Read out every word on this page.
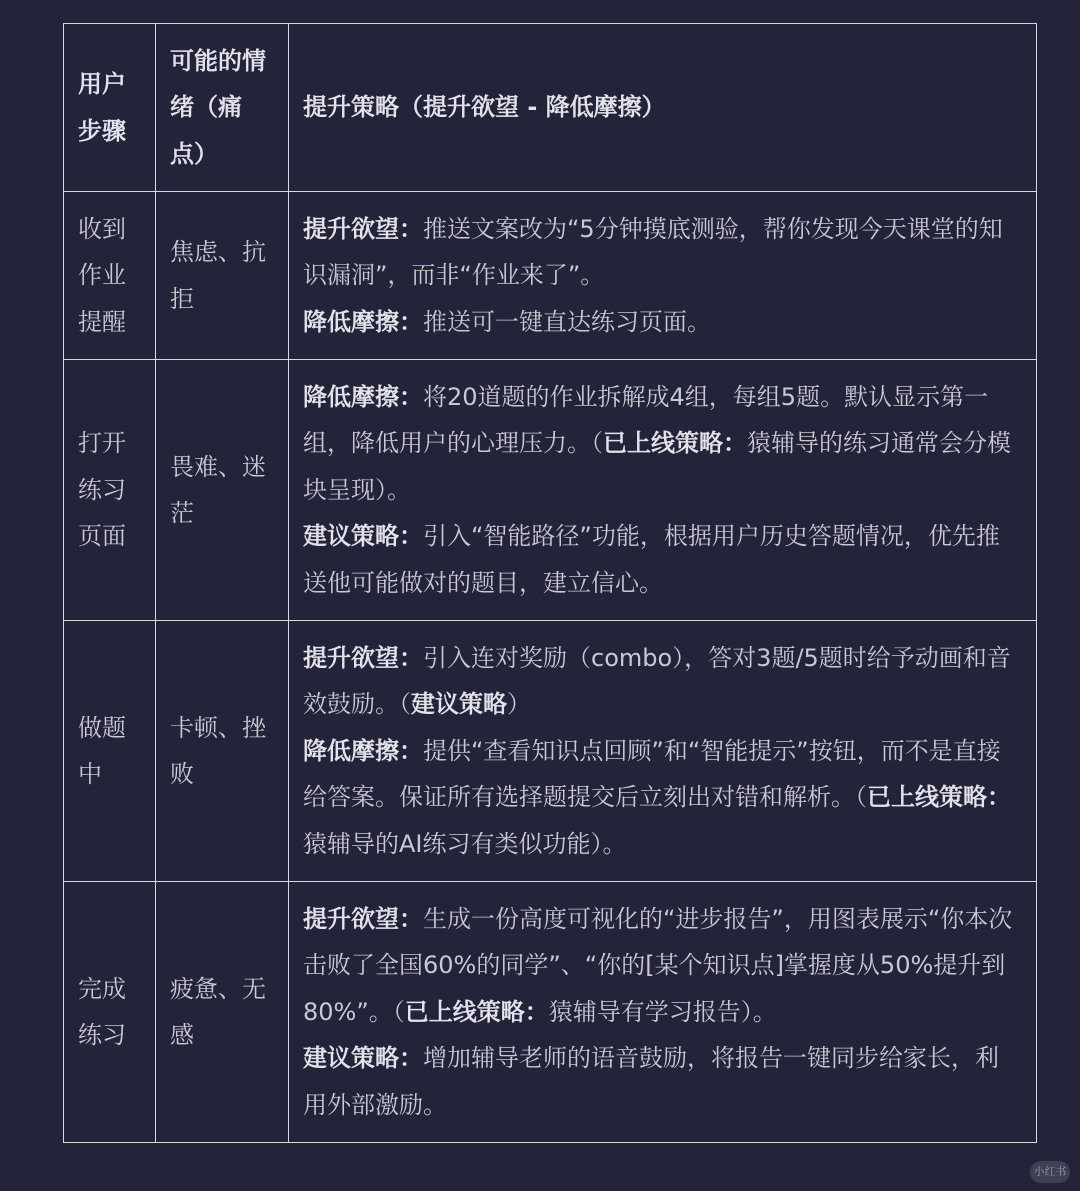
用户步骤	可能的情绪（痛点）	提升策略（提升欲望 - 降低摩擦）
收到作业提醒	焦虑、抗拒	提升欲望：推送文案改为“5分钟摸底测验，帮你发现今天课堂的知识漏洞”，而非“作业来了”。

降低摩擦：推送可一键直达练习页面。

打开练习页面	畏难、迷茫	降低摩擦：将20道题的作业拆解成4组，每组5题。默认显示第一组，降低用户的心理压力。（已上线策略：猿辅导的练习通常会分模块呈现）。

建议策略：引入“智能路径”功能，根据用户历史答题情况，优先推送他可能做对的题目，建立信心。

做题中	卡顿、挫败	提升欲望：引入连对奖励（combo），答对3题/5题时给予动画和音效鼓励。（建议策略）

降低摩擦：提供“查看知识点回顾”和“智能提示”按钮，而不是直接给答案。保证所有选择题提交后立刻出对错和解析。（已上线策略：猿辅导的AI练习有类似功能）。

完成练习	疲惫、无感	提升欲望：生成一份高度可视化的“进步报告”，用图表展示“你本次击败了全国60%的同学”、“你的[某个知识点]掌握度从50%提升到80%”。（已上线策略：猿辅导有学习报告）。

建议策略：增加辅导老师的语音鼓励，将报告一键同步给家长，利用外部激励。

小红书
